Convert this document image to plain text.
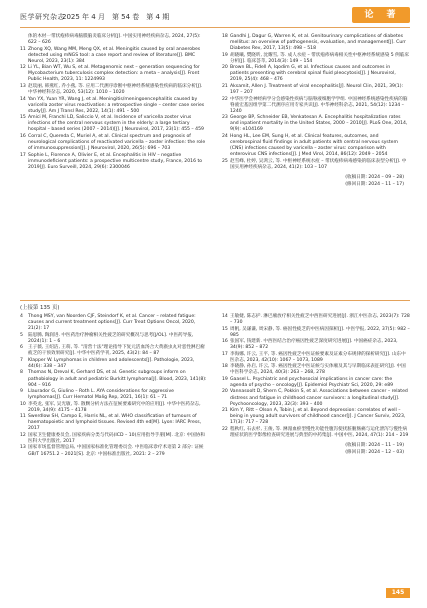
医学研究杂志
2025 年 4 月　第 54 卷　第 4 期	论　著
体的木材一带状疱疹病毒脑膜脑炎临床分析[J]. 中国实用神经疾病杂志, 2024, 27(5): 622 – 626
11 Zhong XQ, Wang MM, Meng QX, et al. Meningitis caused by oral anaerobes detected using mNGS tool: a case report and review of literature[J]. BMC Neurol, 2023, 23(1): 384
12 Li YL, Bian WT, Wu S, et al. Metagenomic next – generation sequencing for Mycobacterium tuberculosis complex detection: a meta – analysis[J]. Front Public Health, 2023, 11: 1224993
13 赵琰丽, 韩燕红, 乔小燕, 等. 应用二代测序诊断中枢神经系统感染性疾病的临床分析[J]. 中华神经科杂志, 2020, 53(12): 1010 – 1020
14 Yan YX, Yuan YR, Wang J, et al. Meningitis/meningoencephalitis caused by varicella zoster virus reactivation: a retrospective single – center case series study[J]. Am J Transl Res, 2022, 14(1): 491 – 500
15 Amici M, Franchi LD, Saliccio V, et al. Incidence of varicella zoster virus infections of the central nervous system in the elderly: a large tertiary hospital – based series (2007 – 2014)[J]. J Neurovirol, 2017, 23(1): 455 – 459
16 Corral C, Quereda C, Muriel A, et al. Clinical spectrum and prognosis of neurological complications of reactivated varicella – zoster infection: the role of immunosuppression[J]. J Neurovirol, 2020, 26(5): 696 – 703
17 Sophie L, Florence A, Olivier E, et al. Encephalitis in HIV – negative immunodeficient patients: a prospective multicentre study, France, 2016 to 2019[J]. Euro Surveill, 2024, 29(6): 2300046
18 Gandhi J, Dagur G, Warren K, et al. Genitourinary complications of diabetes mellitus: an overview of pathogenesis, evaluation, and management[J]. Curr Diabetes Rev, 2017, 13(5): 498 – 518
19 胡晓曦, 樊晓昕, 沈耀雪, 等. 成人水痘 – 带状疱疹病毒相关性中枢神经系统感染 5 例临床分析[J]. 临床荟萃, 2014(3): 149 – 154
20 Brown BL, Fidell A, Iqodim G, et al. Infectious causes and outcomes in patients presenting with cerebral spinal fluid pleocytosis[J]. J Neurovirol, 2019, 25(4): 468 – 476
21 Aksamit, Allen J. Treatment of viral encephalitis[J]. Neurol Clin, 2021, 39(1): 197 – 207
22 中华医学会神经病学分会感染性疾病与脑脊液细胞学学组. 中国神经系统感染性疾病的脑脊液宏基因组学第二代测序应用专家共识[J]. 中华神经科杂志, 2021, 54(12): 1234 – 1240
23 George BP, Schneider EB, Venkatesan A. Encephalitis hospitalization rates and inpatient mortality in the United States, 2000 – 2010[J]. PLoS One, 2014, 9(9): e104169
24 Hong HL, Lee EM, Sung H, et al. Clinical features, outcomes, and cerebrospinal fluid findings in adult patients with central nervous system (CNS) infections caused by varicella – zoster virus: comparison with enterovirus CNS infections[J]. J Med Virol, 2014, 86(12): 2049 – 2054
25 赵雪峰, 杜婷, 吴鸿云, 等. 中枢神经系统水痘 – 带状疱疹病毒感染的临床表型分析[J]. 中国实用神经疾病杂志, 2024, 41(2): 103 – 107
(收稿日期: 2024 – 09 – 28)
(修回日期: 2024 – 11 – 17)
(上接第 135 页)
4 Thong MSY, van Noorden CJF, Steindorf K, et al. Cancer – related fatigue: causes and current treatment options[J]. Curr Treat Options Oncol, 2020, 21(2): 17
5 陆思腾, 陶润进. 中医药治疗肿瘤相关性疲乏的研究概况与思考[J/OL]. 中医药导报, 2024(1): 1 – 6
6 王子薇, 王绍洁, 王萌, 等. "清营十法"理论指导下复元活血汤合大黄䗪虫丸对恶性淋巴瘤疲乏的干预效果研究[J]. 中华中医药学刊, 2025, 43(2): 84 – 87
7 Klapper W. Lymphomas in children and adolescents[J]. Pathologie, 2023, 44(6): 338 – 347
8 Thomas N, Dreval K, Gerhard DS, et al. Genetic subgroups inform on pathobiology in adult and pediatric Burkitt lymphoma[J]. Blood, 2023, 141(8): 904 – 916
9 Llaurador G, Giulino – Roth L. AYA considerations for aggressive lymphomas[J]. Curr Hematol Malig Rep, 2021, 16(1): 61 – 71
10 李英龙, 张军, 吴光敏, 等. 散颗分析方法在征候要素研究中的应用[J]. 中华中医药杂志, 2019, 34(9): 4175 – 4178
11 Swerdlow SH, Campo E, Harris NL, et al. WHO classification of tumours of haematopoietic and lymphoid tissues. Revised 4th ed[M]. Lyon: IARC Press, 2017
12 国家卫生健康委员会, 国家疾病分类与代码(ICD – 10)应用指导手册[M]. 北京: 中国协和医科大学出版社, 2017
13 国家市场监督管理总局, 中国国家标准化管理委员会. 中医临床诊疗术语第 2 部分: 证候 GB/T 16751.2 – 2021[S]. 北京: 中国标准出版社, 2021: 2 – 279
14 王敏婕, 陈志护. 淋巴瘤放疗相关性疲乏中西医研究进展[J]. 浙江中医杂志, 2023(7): 728 – 730
15 周帆, 吴谦谦, 周宋静, 等. 癌因性疲乏的中医病因探析[J]. 中医学报, 2022, 37(5): 982 – 985
16 张国军, 钱建新. 中西医结合治疗癌因性疲乏深度研究进展[J]. 中国癌症杂志, 2023, 34(9): 852 – 872
17 李海娜, 许云, 王平, 等. 癌因性疲乏中医证候要素及证素分布规律的探析研究[J]. 山东中医杂志, 2023, 42(10): 1067 – 1073, 1089
18 李晓静, 孙启, 许云, 等. 癌因性疲乏中医证候与实体瘤及其与早期临床表征研究[J]. 中国中医科学杂志, 2024, 40(3): 263 – 268, 278
19 Gaasel L. Psychiatric and psychosocial implications in cancer care: the agenda of psycho – oncology[J]. Epidemiol Psychiatr Sci, 2020, 29: e89
20 Vannasoolt D, Shern C, Pokkin S, et al. Associations between cancer – related distress and fatigue in childhood cancer survivors: a longitudinal study[J]. Psychooncology, 2023, 32(3): 393 – 400
21 Kim Y, Ritt – Olson A, Tobin J, et al. Beyond depression: correlates of well – being in young adult survivors of childhood cancer[J]. J Cancer Surviv, 2023, 17(3): 717 – 728
22 程秋红, 石去杉, 王俊, 等. 淋漫血瘀型慢性功能性腹泻使扰脏腑肠痛与运化泄泻与慢性病理症状的医学影像检查研究进展与典型的中药集[J]. 中国中医, 2024, 47(1): 214 – 219
(收稿日期: 2024 – 11 – 19)
(修回日期: 2024 – 12 – 03)
145
